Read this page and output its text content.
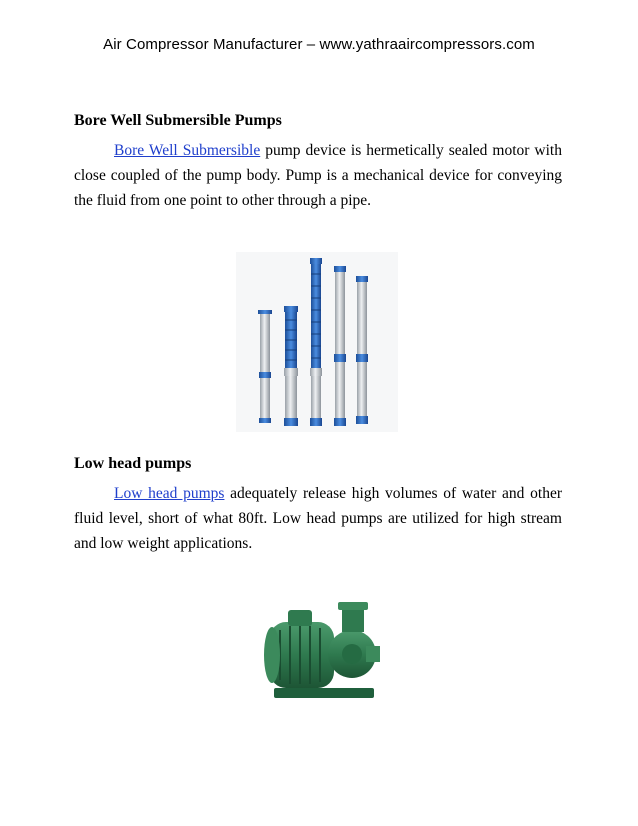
Air Compressor Manufacturer – www.yathraaircompressors.com
Bore Well Submersible Pumps

Bore Well Submersible pump device is hermetically sealed motor with close coupled of the pump body. Pump is a mechanical device for conveying the fluid from one point to other through a pipe.

Low head pumps

Low head pumps adequately release high volumes of water and other fluid level, short of what 80ft. Low head pumps are utilized for high stream and low weight applications.
